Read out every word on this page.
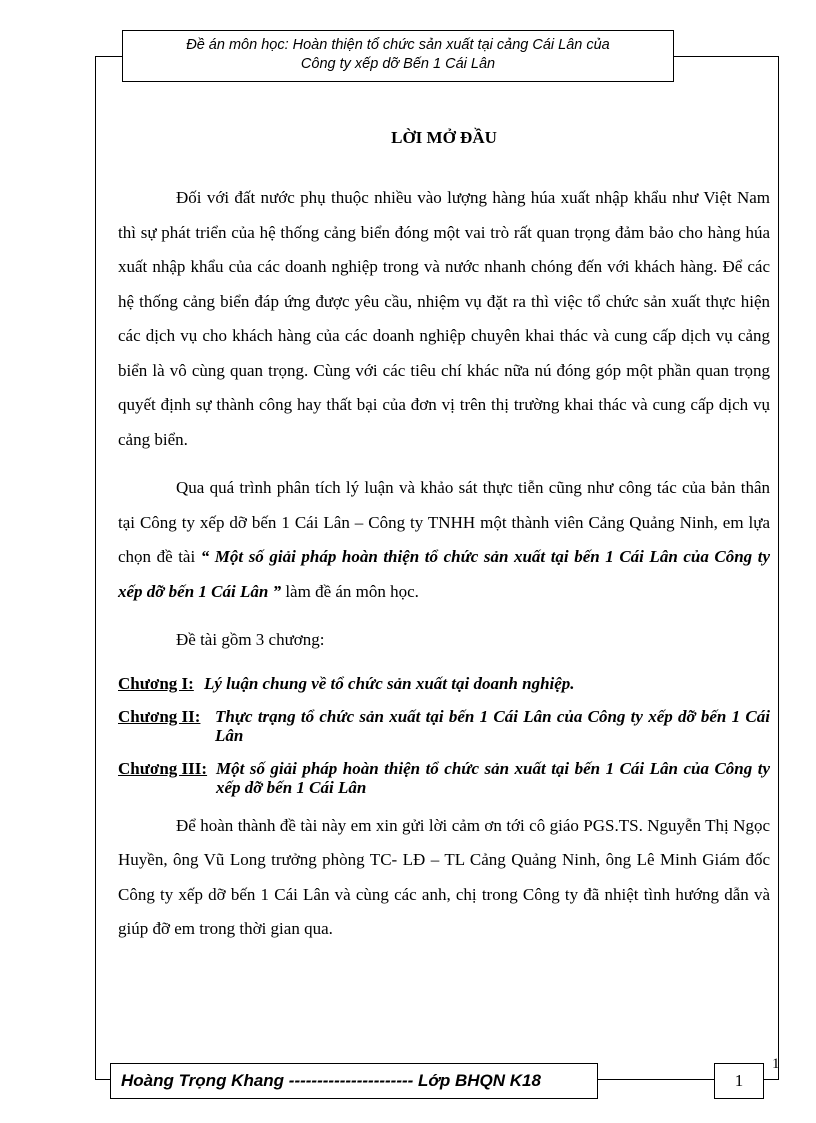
Đề án môn học: Hoàn thiện tổ chức sản xuất tại cảng Cái Lân của
Công ty xếp dỡ Bến 1 Cái Lân
LỜI MỞ ĐẦU

Đối với đất nước phụ thuộc nhiều vào lượng hàng húa xuất nhập khẩu như Việt Nam thì sự phát triển của hệ thống cảng biển đóng một vai trò rất quan trọng đảm bảo cho hàng húa xuất nhập khẩu của các doanh nghiệp trong và nước nhanh chóng đến với khách hàng. Để các hệ thống cảng biển đáp ứng được yêu cầu, nhiệm vụ đặt ra thì việc tổ chức sản xuất thực hiện các dịch vụ cho khách hàng của các doanh nghiệp chuyên khai thác và cung cấp dịch vụ cảng biển là vô cùng quan trọng. Cùng với các tiêu chí khác nữa nú đóng góp một phần quan trọng quyết định sự thành công hay thất bại của đơn vị trên thị trường khai thác và cung cấp dịch vụ cảng biển.

Qua quá trình phân tích lý luận và khảo sát thực tiễn cũng như công tác của bản thân tại Công ty xếp dỡ bến 1 Cái Lân – Công ty TNHH một thành viên Cảng Quảng Ninh, em lựa chọn đề tài “ Một số giải pháp hoàn thiện tổ chức sản xuất tại bến 1 Cái Lân của Công ty xếp dỡ bến 1 Cái Lân ” làm đề án môn học.

Đề tài gồm 3 chương:

Chương I: Lý luận chung về tổ chức sản xuất tại doanh nghiệp.
Chương II: Thực trạng tổ chức sản xuất tại bến 1 Cái Lân của Công ty xếp dỡ bến 1 Cái Lân
Chương III: Một số giải pháp hoàn thiện tổ chức sản xuất tại bến 1 Cái Lân của Công ty xếp dỡ bến 1 Cái Lân

Để hoàn thành đề tài này em xin gửi lời cảm ơn tới cô giáo PGS.TS. Nguyễn Thị Ngọc Huyền, ông Vũ Long trưởng phòng TC- LĐ – TL Cảng Quảng Ninh, ông Lê Minh Giám đốc Công ty xếp dỡ bến 1 Cái Lân và cùng các anh, chị trong Công ty đã nhiệt tình hướng dẫn và giúp đỡ em trong thời gian qua.

Hoàng Trọng Khang ---------------------- Lớp BHQN K18	1
1
